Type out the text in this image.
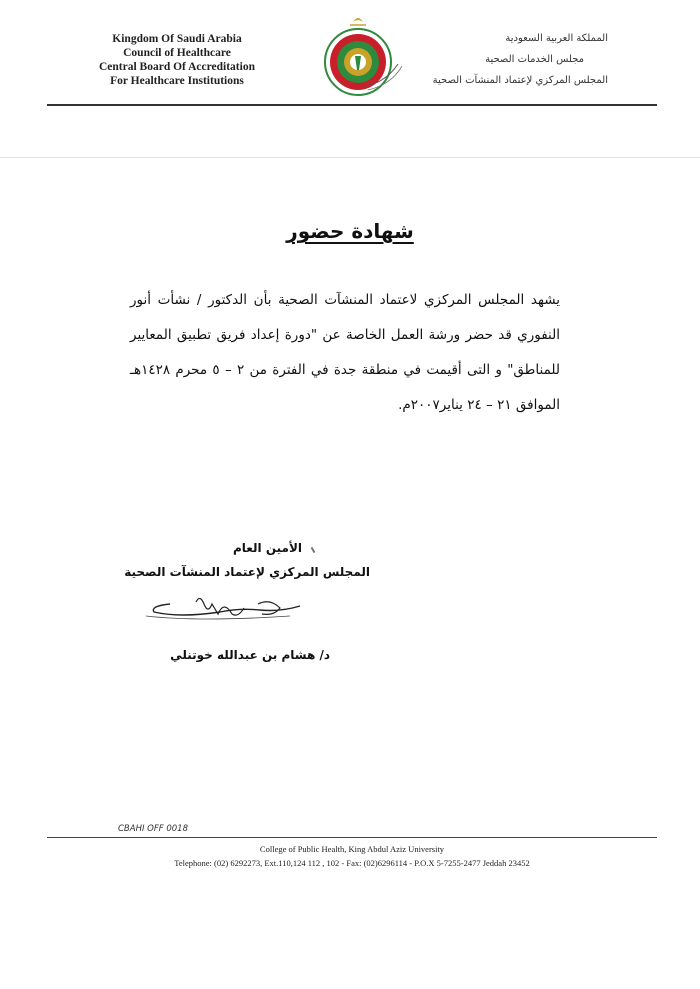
Kingdom Of Saudi Arabia
Council of Healthcare
Central Board Of Accreditation
For Healthcare Institutions
المملكة العربية السعودية
مجلس الخدمات الصحية
المجلس المركزي لإعتماد المنشآت الصحية
شهادة حضور
يشهد المجلس المركزي لاعتماد المنشآت الصحية بأن الدكتور / نشأت أنور النفوري قد حضر ورشة العمل الخاصة عن "دورة إعداد فريق تطبيق المعايير للمناطق" و التى أقيمت في منطقة جدة في الفترة من ٢ – ٥ محرم ١٤٢٨هـ الموافق ٢١ – ٢٤ يناير٢٠٠٧م.
الأمين العام
المجلس المركزي لإعتماد المنشآت الصحية
د/ هشام بن عبدالله خوتنلي
CBAHI OFF 0018
College of Public Health, King Abdul Aziz University
Telephone: (02) 6292273, Ext.110,124 112 , 102 - Fax: (02)6296114 - P.O.X 5-7255-2477 Jeddah 23452
